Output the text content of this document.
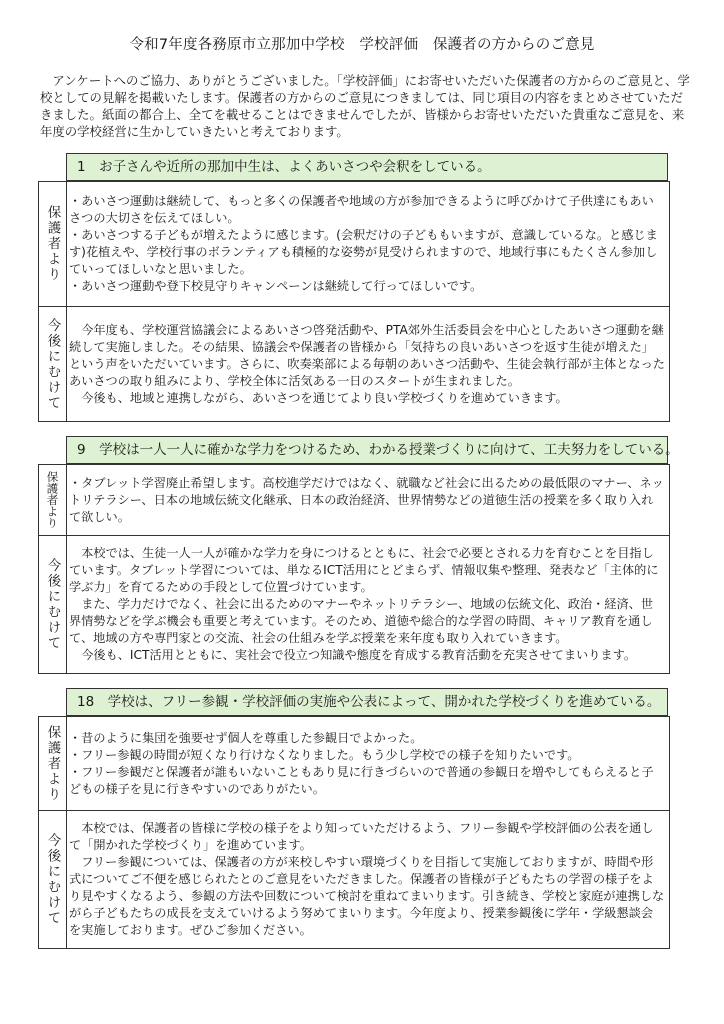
令和7年度各務原市立那加中学校　学校評価　保護者の方からのご意見
アンケートへのご協力、ありがとうございました。「学校評価」にお寄せいただいた保護者の方からのご意見と、学校としての見解を掲載いたします。保護者の方からのご意見につきましては、同じ項目の内容をまとめさせていただきました。紙面の都合上、全てを載せることはできませんでしたが、皆様からお寄せいただいた貴重なご意見を、来年度の学校経営に生かしていきたいと考えております。
1　お子さんや近所の那加中生は、よくあいさつや会釈をしている。
保護者より

・あいさつ運動は継続して、もっと多くの保護者や地域の方が参加できるように呼びかけて子供達にもあいさつの大切さを伝えてほしい。

・あいさつする子どもが増えたように感じます。(会釈だけの子どももいますが、意識しているな。と感じます)花植えや、学校行事のボランティアも積極的な姿勢が見受けられますので、地域行事にもたくさん参加していってほしいなと思いました。

・あいさつ運動や登下校見守りキャンペーンは継続して行ってほしいです。

今後にむけて	今年度も、学校運営協議会によるあいさつ啓発活動や、PTA郊外生活委員会を中心としたあいさつ運動を継続して実施しました。その結果、協議会や保護者の皆様から「気持ちの良いあいさつを返す生徒が増えた」という声をいただいています。さらに、吹奏楽部による毎朝のあいさつ活動や、生徒会執行部が主体となったあいさつの取り組みにより、学校全体に活気ある一日のスタートが生まれました。

今後も、地域と連携しながら、あいさつを通じてより良い学校づくりを進めていきます。

9　学校は一人一人に確かな学力をつけるため、わかる授業づくりに向けて、工夫努力をしている。
保護者より ・タブレット学習廃止希望します。高校進学だけではなく、就職など社会に出るための最低限のマナー、ネットリテラシー、日本の地域伝統文化継承、日本の政治経済、世界情勢などの道徳生活の授業を多く取り入れて欲しい。

今後にむけて

本校では、生徒一人一人が確かな学力を身につけるとともに、社会で必要とされる力を育むことを目指しています。タブレット学習については、単なるICT活用にとどまらず、情報収集や整理、発表など「主体的に学ぶ力」を育てるための手段として位置づけています。

また、学力だけでなく、社会に出るためのマナーやネットリテラシー、地域の伝統文化、政治・経済、世界情勢などを学ぶ機会も重要と考えています。そのため、道徳や総合的な学習の時間、キャリア教育を通して、地域の方や専門家との交流、社会の仕組みを学ぶ授業を来年度も取り入れていきます。

今後も、ICT活用とともに、実社会で役立つ知識や態度を育成する教育活動を充実させてまいります。

18　学校は、フリー参観・学校評価の実施や公表によって、開かれた学校づくりを進めている。
保護者より ・昔のように集団を強要せず個人を尊重した参観日でよかった。

・フリー参観の時間が短くなり行けなくなりました。もう少し学校での様子を知りたいです。

・フリー参観だと保護者が誰もいないこともあり見に行きづらいので普通の参観日を増やしてもらえると子どもの様子を見に行きやすいのでありがたい。

今後にむけて

本校では、保護者の皆様に学校の様子をより知っていただけるよう、フリー参観や学校評価の公表を通して「開かれた学校づくり」を進めています。

フリー参観については、保護者の方が来校しやすい環境づくりを目指して実施しておりますが、時間や形式についてご不便を感じられたとのご意見をいただきました。保護者の皆様が子どもたちの学習の様子をより見やすくなるよう、参観の方法や回数について検討を重ねてまいります。引き続き、学校と家庭が連携しながら子どもたちの成長を支えていけるよう努めてまいります。今年度より、授業参観後に学年・学級懇談会を実施しております。ぜひご参加ください。
